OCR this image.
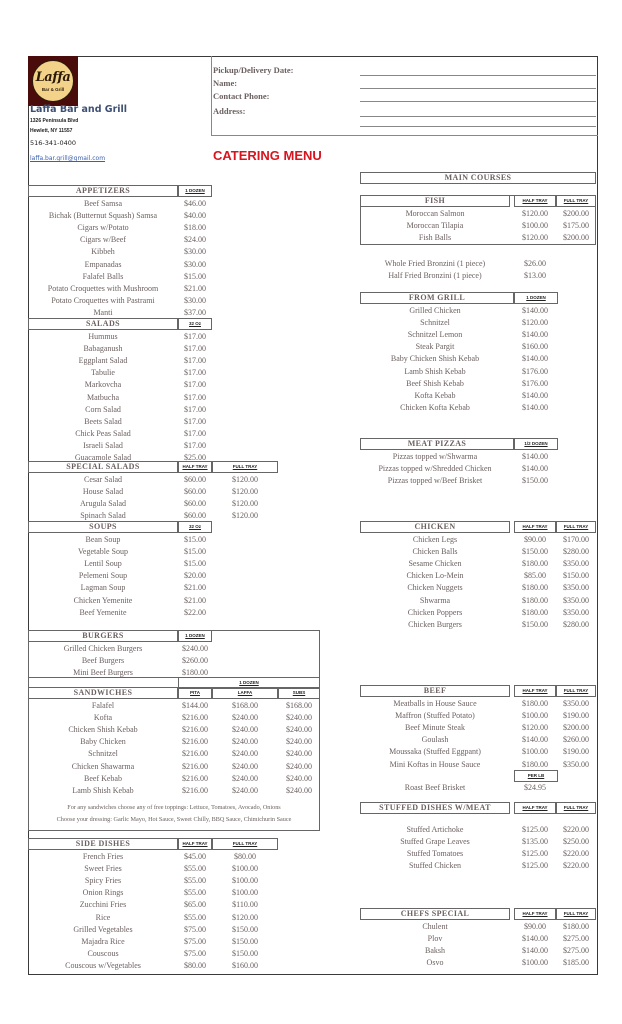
Laffa
Bar & Grill
Laffa Bar and Grill
1326 Peninsula Blvd
Hewlett, NY 11557
516-341-0400
laffa.bar.grill@gmail.com
Pickup/Delivery Date:
Name:
Contact Phone:
Address:
CATERING MENU
MAIN COURSES
APPETIZERS	1 DOZEN
Beef Samsa	$46.00
Bichak (Butternut Squash) Samsa	$40.00
Cigars w/Potato	$18.00
Cigars w/Beef	$24.00
Kibbeh	$30.00
Empanadas	$30.00
Falafel Balls	$15.00
Potato Croquettes with Mushroom	$21.00
Potato Croquettes with Pastrami	$30.00
Manti	$37.00
SALADS	32 Oz
Hummus	$17.00
Babaganush	$17.00
Eggplant Salad	$17.00
Tabulie	$17.00
Markovcha	$17.00
Matbucha	$17.00
Corn Salad	$17.00
Beets Salad	$17.00
Chick Peas Salad	$17.00
Israeli Salad	$17.00
Guacamole Salad	$25.00
SPECIAL SALADS	HALF TRAY	FULL TRAY
Cesar Salad	$60.00	$120.00
House Salad	$60.00	$120.00
Arugula Salad	$60.00	$120.00
Spinach Salad	$60.00	$120.00
SOUPS	32 Oz
Bean Soup	$15.00
Vegetable Soup	$15.00
Lentil Soup	$15.00
Pelemeni Soup	$20.00
Lagman Soup	$21.00
Chicken Yemenite	$21.00
Beef Yemenite	$22.00
BURGERS	1 DOZEN
Grilled Chicken Burgers	$240.00
Beef Burgers	$260.00
Mini Beef Burgers	$180.00
1 DOZEN
SANDWICHES	PITA	LAFFA	SUBS
Falafel	$144.00	$168.00	$168.00
Kofta	$216.00	$240.00	$240.00
Chicken Shish Kebab	$216.00	$240.00	$240.00
Baby Chicken	$216.00	$240.00	$240.00
Schnitzel	$216.00	$240.00	$240.00
Chicken Shawarma	$216.00	$240.00	$240.00
Beef Kebab	$216.00	$240.00	$240.00
Lamb Shish Kebab	$216.00	$240.00	$240.00
For any sandwiches choose any of free toppings: Lettuce, Tomatoes, Avocado, Onions
Choose your dressing: Garlic Mayo, Hot Sauce, Sweet Chilly, BBQ Sauce, Chimichurin Sauce
SIDE DISHES	HALF TRAY	FULL TRAY
French Fries	$45.00	$80.00
Sweet Fries	$55.00	$100.00
Spicy Fries	$55.00	$100.00
Onion Rings	$55.00	$100.00
Zucchini Fries	$65.00	$110.00
Rice	$55.00	$120.00
Grilled Vegetables	$75.00	$150.00
Majadra Rice	$75.00	$150.00
Couscous	$75.00	$150.00
Couscous w/Vegetables	$80.00	$160.00
FISH	HALF TRAY	FULL TRAY
Moroccan Salmon	$120.00	$200.00
Moroccan Tilapia	$100.00	$175.00
Fish Balls	$120.00	$200.00
Whole Fried Bronzini (1 piece)	$26.00
Half Fried Bronzini (1 piece)	$13.00
FROM GRILL	1 DOZEN
Grilled Chicken	$140.00
Schnitzel	$120.00
Schnitzel Lemon	$140.00
Steak Pargit	$160.00
Baby Chicken Shish Kebab	$140.00
Lamb Shish Kebab	$176.00
Beef Shish Kebab	$176.00
Kofta Kebab	$140.00
Chicken Kofta Kebab	$140.00
MEAT PIZZAS	1/2 DOZEN
Pizzas topped w/Shwarma	$140.00
Pizzas topped w/Shredded Chicken	$140.00
Pizzas topped w/Beef Brisket	$150.00
CHICKEN	HALF TRAY	FULL TRAY
Chicken Legs	$90.00	$170.00
Chicken Balls	$150.00	$280.00
Sesame Chicken	$180.00	$350.00
Chicken Lo-Mein	$85.00	$150.00
Chicken Nuggets	$180.00	$350.00
Shwarma	$180.00	$350.00
Chicken Poppers	$180.00	$350.00
Chicken Burgers	$150.00	$280.00
BEEF	HALF TRAY	FULL TRAY
Meatballs in House Sauce	$180.00	$350.00
Maffron (Stuffed Potato)	$100.00	$190.00
Beef Minute Steak	$120.00	$200.00
Goulash	$140.00	$260.00
Moussaka (Stuffed Eggpant)	$100.00	$190.00
Mini Koftas in House Sauce	$180.00	$350.00
PER LB
Roast Beef Brisket	$24.95
STUFFED DISHES W/MEAT	HALF TRAY	FULL TRAY
Stuffed Artichoke	$125.00	$220.00
Stuffed Grape Leaves	$135.00	$250.00
Stuffed Tomatoes	$125.00	$220.00
Stuffed Chicken	$125.00	$220.00
CHEFS SPECIAL	HALF TRAY	FULL TRAY
Chulent	$90.00	$180.00
Plov	$140.00	$275.00
Baksh	$140.00	$275.00
Osvo	$100.00	$185.00
